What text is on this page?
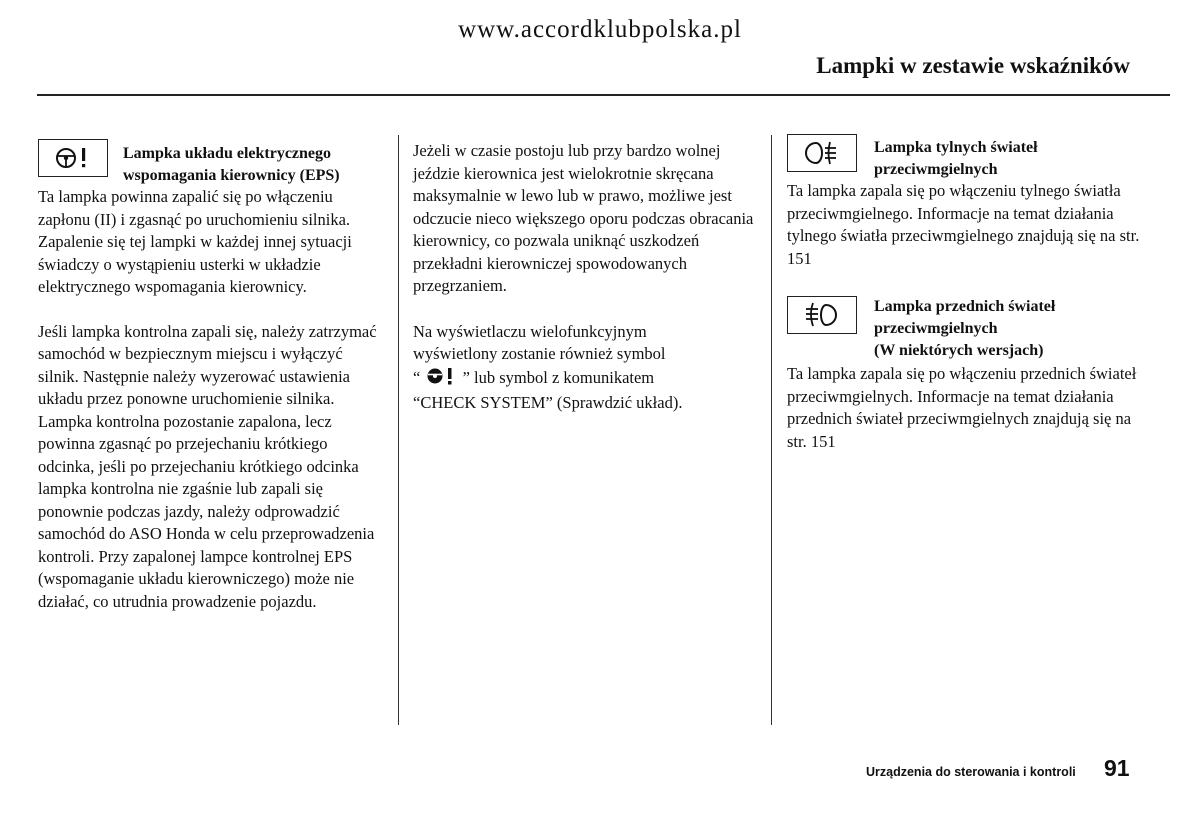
www.accordklubpolska.pl
Lampki w zestawie wskaźników
Lampka układu elektrycznego
wspomagania kierownicy (EPS)

Ta lampka powinna zapalić się po włączeniu zapłonu (II) i zgasnąć po uruchomieniu silnika. Zapalenie się tej lampki w każdej innej sytuacji świadczy o wystąpieniu usterki w układzie elektrycznego wspomagania kierownicy.

Jeśli lampka kontrolna zapali się, należy zatrzymać samochód w bezpiecznym miejscu i wyłączyć silnik. Następnie należy wyzerować ustawienia układu przez ponowne uruchomienie silnika. Lampka kontrolna pozostanie zapalona, lecz powinna zgasnąć po przejechaniu krótkiego odcinka, jeśli po przejechaniu krótkiego odcinka lampka kontrolna nie zgaśnie lub zapali się ponownie podczas jazdy, należy odprowadzić samochód do ASO Honda w celu przeprowadzenia kontroli. Przy zapalonej lampce kontrolnej EPS (wspomaganie układu kierowniczego) może nie działać, co utrudnia prowadzenie pojazdu.

Jeżeli w czasie postoju lub przy bardzo wolnej jeździe kierownica jest wielokrotnie skręcana maksymalnie w lewo lub w prawo, możliwe jest odczucie nieco większego oporu podczas obracania kierownicy, co pozwala uniknąć uszkodzeń przekładni kierowniczej spowodowanych przegrzaniem.

Na wyświetlaczu wielofunkcyjnym
wyświetlony zostanie również symbol
“	” lub symbol z komunikatem
“CHECK SYSTEM” (Sprawdzić układ).
Lampka tylnych świateł
przeciwmgielnych
Ta lampka zapala się po włączeniu tylnego światła przeciwmgielnego. Informacje na temat działania tylnego światła przeciwmgielnego znajdują się na str. 151
Lampka przednich świateł
przeciwmgielnych
(W niektórych wersjach)
Ta lampka zapala się po włączeniu przednich świateł przeciwmgielnych. Informacje na temat działania przednich świateł przeciwmgielnych znajdują się na str. 151
Urządzenia do sterowania i kontroli 91
